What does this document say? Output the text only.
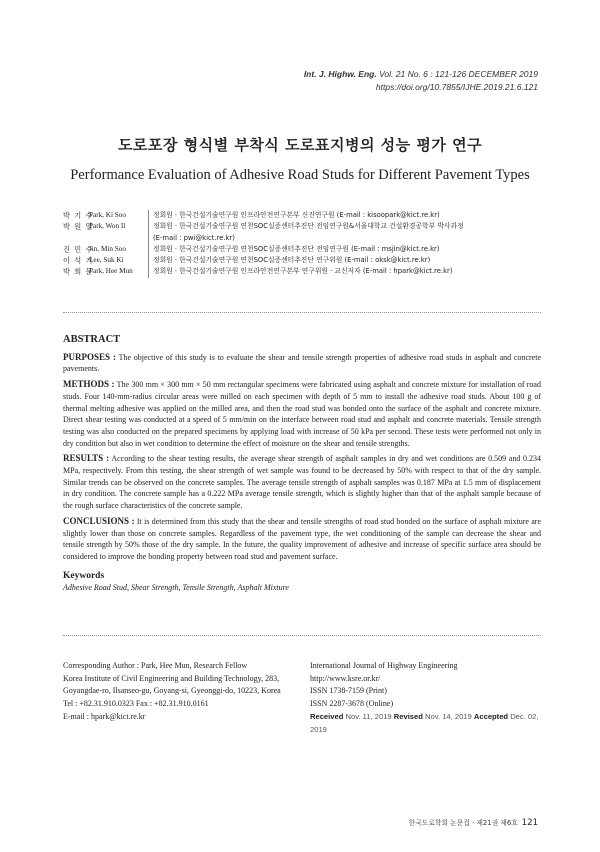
Int. J. Highw. Eng. Vol. 21 No. 6 : 121-126 DECEMBER 2019
https://doi.org/10.7855/IJHE.2019.21.6.121
도로포장 형식별 부착식 도로표지병의 성능 평가 연구
Performance Evaluation of Adhesive Road Studs for Different Pavement Types
박 기 수
Park, Ki Soo	정회원 · 한국건설기술연구원 인프라안전연구본부 신진연구원 (E-mail : kisoopark@kict.re.kr)
박 원 일
Park, Won Il	정회원 · 한국건설기술연구원 연천SOC실증센터추진단 전임연구원&서울대학교 건설환경공학부 박사과정
(E-mail : pwi@kict.re.kr)
진 민 수
Jin, Min Soo	정회원 · 한국건설기술연구원 연천SOC실증센터추진단 전임연구원 (E-mail : msjin@kict.re.kr)
이 석 기
Lee, Suk Ki	정회원 · 한국건설기술연구원 연천SOC실증센터추진단 연구위원 (E-mail : oksk@kict.re.kr)
박 희 문
Park, Hee Mun	정회원 · 한국건설기술연구원 인프라안전연구본부 연구위원 · 교신저자 (E-mail : hpark@kict.re.kr)
ABSTRACT

PURPOSES : The objective of this study is to evaluate the shear and tensile strength properties of adhesive road studs in asphalt and concrete pavements.

METHODS : The 300 mm × 300 mm × 50 mm rectangular specimens were fabricated using asphalt and concrete mixture for installation of road studs. Four 140-mm-radius circular areas were milled on each specimen with depth of 5 mm to install the adhesive road studs. About 100 g of thermal melting adhesive was applied on the milled area, and then the road stud was bonded onto the surface of the asphalt and concrete mixture. Direct shear testing was conducted at a speed of 5 mm/min on the interface between road stud and asphalt and concrete materials. Tensile strength testing was also conducted on the prepared specimens by applying load with increase of 50 kPa per second. These tests were performed not only in dry condition but also in wet condition to determine the effect of moisture on the shear and tensile strengths.

RESULTS : According to the shear testing results, the average shear strength of asphalt samples in dry and wet conditions are 0.509 and 0.234 MPa, respectively. From this testing, the shear strength of wet sample was found to be decreased by 50% with respect to that of the dry sample. Similar trends can be observed on the concrete samples. The average tensile strength of asphalt samples was 0.187 MPa at 1.5 mm of displacement in dry condition. The concrete sample has a 0.222 MPa average tensile strength, which is slightly higher than that of the asphalt sample because of the rough surface characteristics of the concrete sample.

CONCLUSIONS : It is determined from this study that the shear and tensile strengths of road stud bonded on the surface of asphalt mixture are slightly lower than those on concrete samples. Regardless of the pavement type, the wet conditioning of the sample can decrease the shear and tensile strength by 50% those of the dry sample. In the future, the quality improvement of adhesive and increase of specific surface area should be considered to improve the bonding property between road stud and pavement surface.

Keywords
Adhesive Road Stud, Shear Strength, Tensile Strength, Asphalt Mixture
Corresponding Author : Park, Hee Mun, Research Fellow
Korea Institute of Civil Engineering and Building Technology, 283,
Goyangdae-ro, Ilsanseo-gu, Goyang-si, Gyeonggi-do, 10223, Korea
Tel : +82.31.910.0323 Fax : +82.31.910.0161
E-mail : hpark@kict.re.kr
International Journal of Highway Engineering
http://www.ksre.or.kr/
ISSN 1738-7159 (Print)
ISSN 2287-3678 (Online)
Received Nov. 11, 2019 Revised Nov. 14, 2019 Accepted Dec. 02, 2019
한국도로학회 논문집 · 제21권 제6호 121
